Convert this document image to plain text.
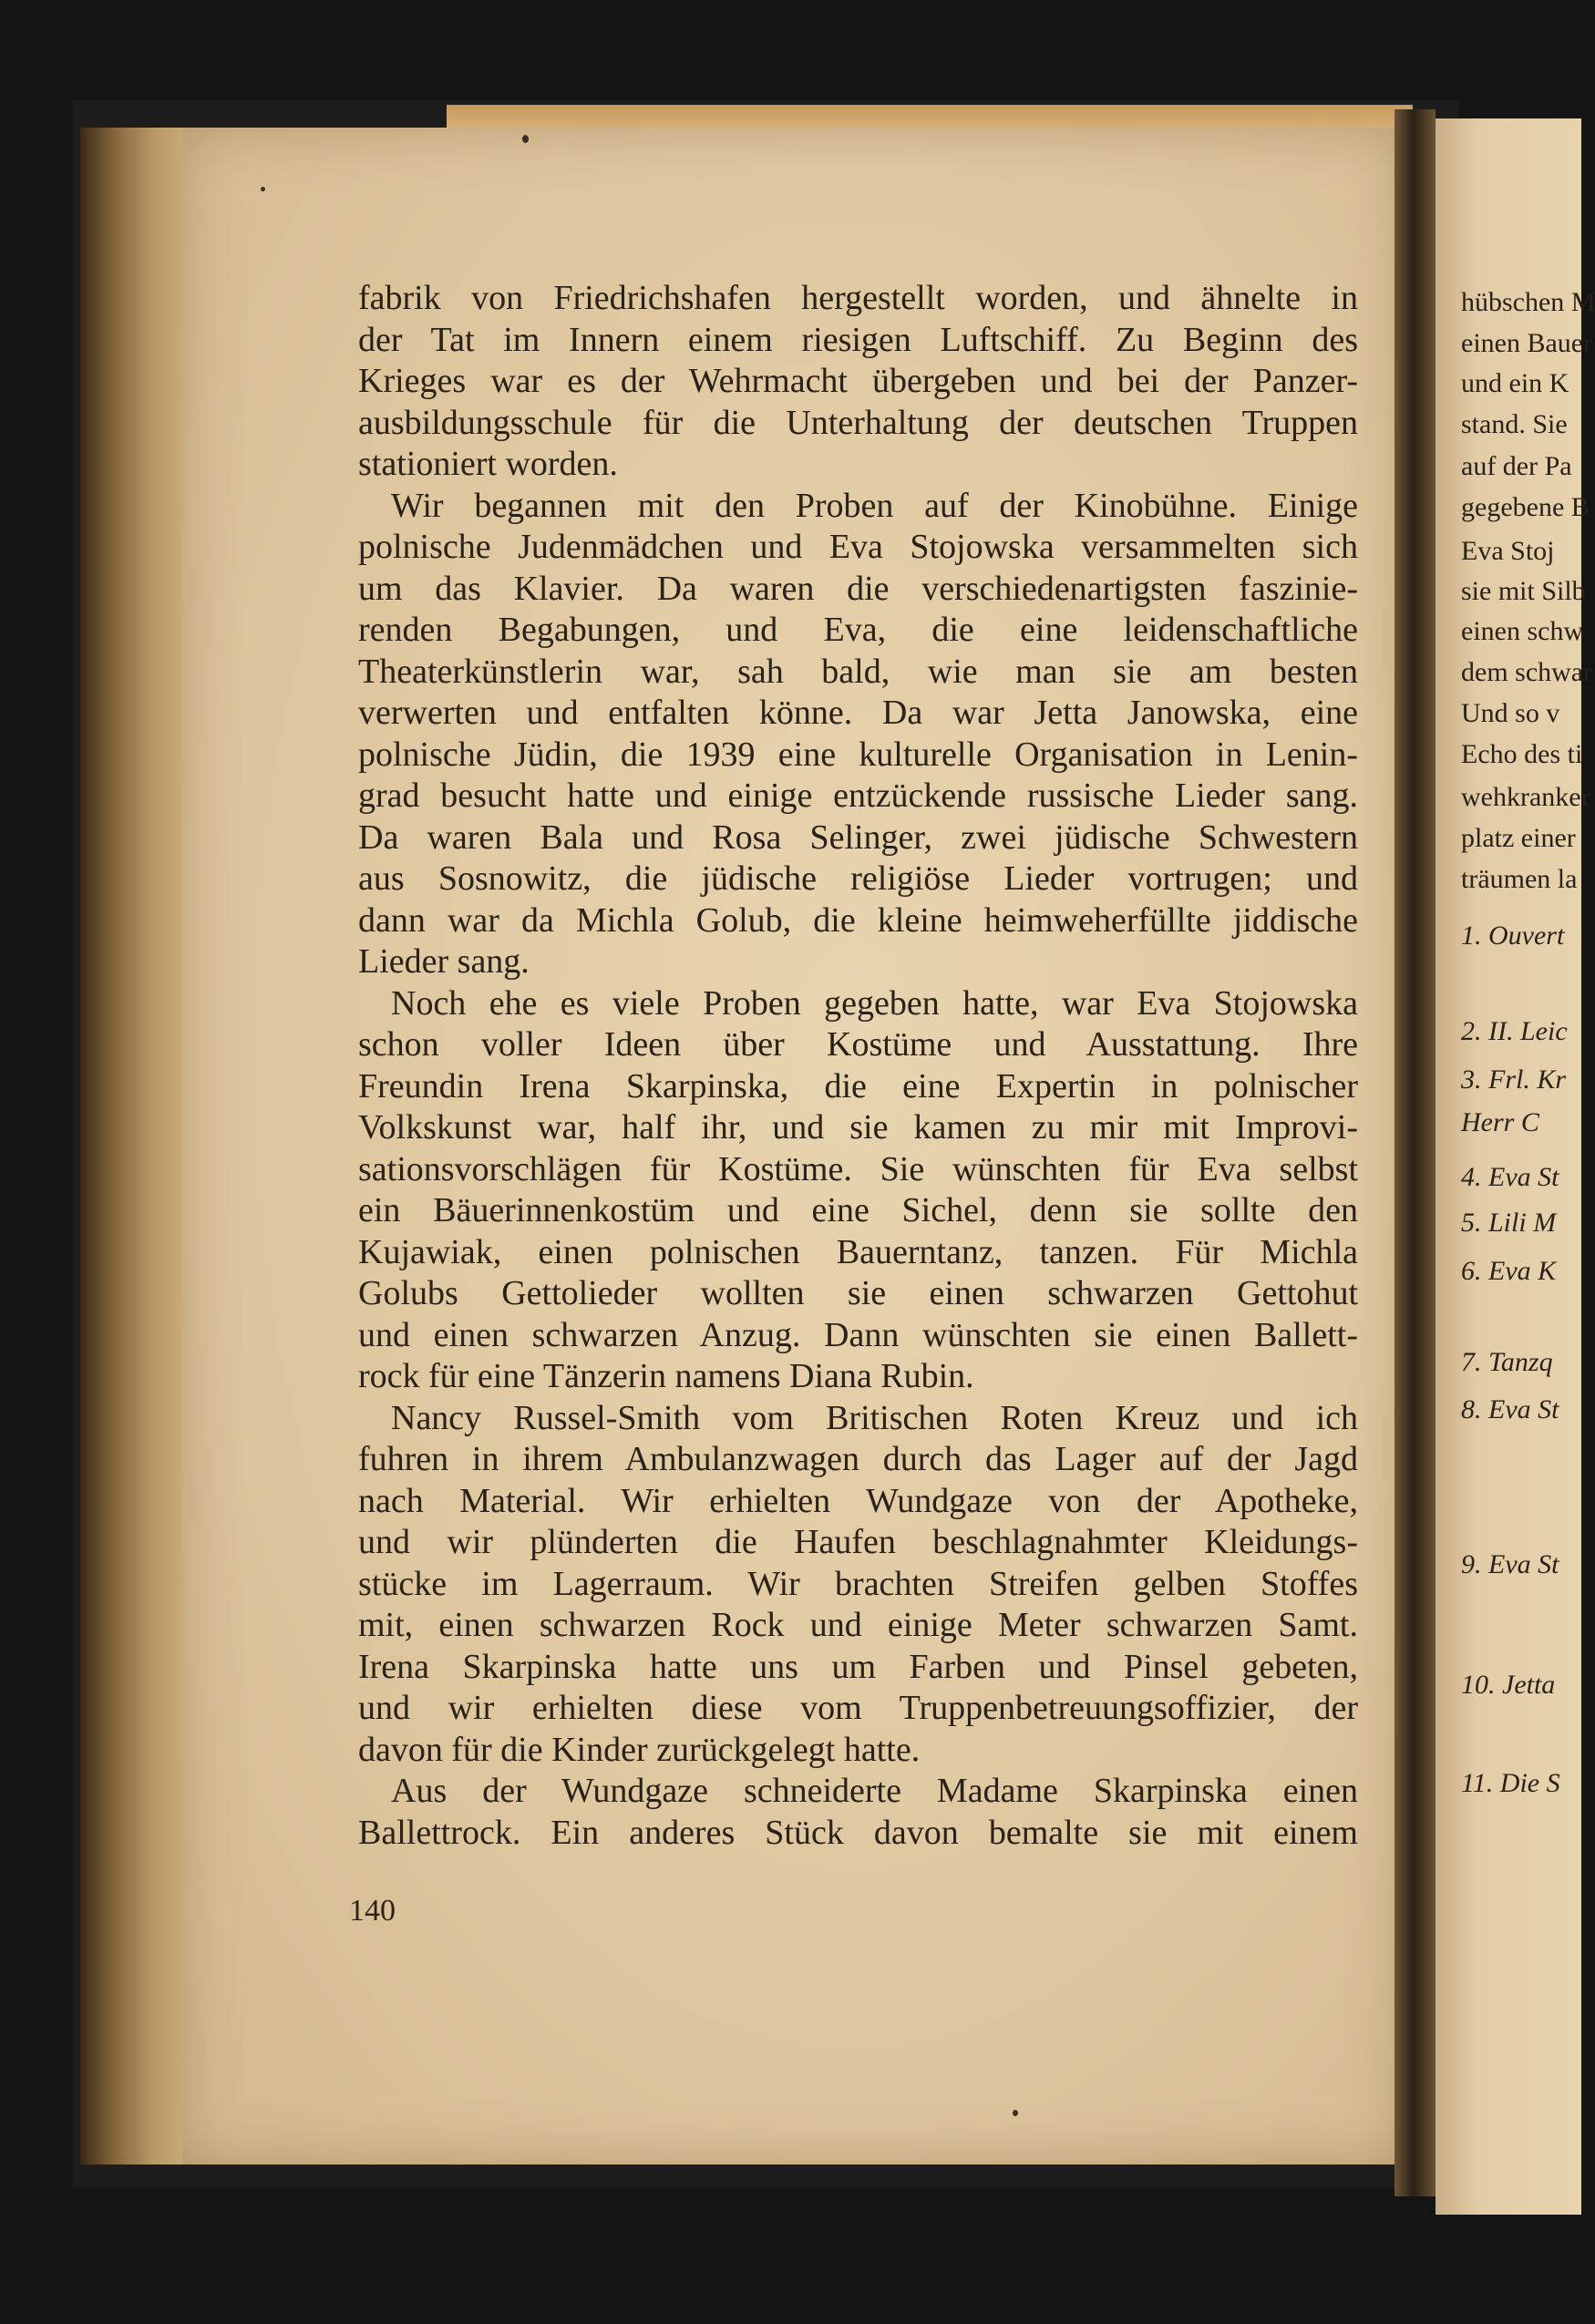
fabrik von Friedrichshafen hergestellt worden, und ähnelte in
der Tat im Innern einem riesigen Luftschiff. Zu Beginn des
Krieges war es der Wehrmacht übergeben und bei der Panzer-
ausbildungsschule für die Unterhaltung der deutschen Truppen
stationiert worden.
Wir begannen mit den Proben auf der Kinobühne. Einige
polnische Judenmädchen und Eva Stojowska versammelten sich
um das Klavier. Da waren die verschiedenartigsten faszinie-
renden Begabungen, und Eva, die eine leidenschaftliche
Theaterkünstlerin war, sah bald, wie man sie am besten
verwerten und entfalten könne. Da war Jetta Janowska, eine
polnische Jüdin, die 1939 eine kulturelle Organisation in Lenin-
grad besucht hatte und einige entzückende russische Lieder sang.
Da waren Bala und Rosa Selinger, zwei jüdische Schwestern
aus Sosnowitz, die jüdische religiöse Lieder vortrugen; und
dann war da Michla Golub, die kleine heimweherfüllte jiddische
Lieder sang.
Noch ehe es viele Proben gegeben hatte, war Eva Stojowska
schon voller Ideen über Kostüme und Ausstattung. Ihre
Freundin Irena Skarpinska, die eine Expertin in polnischer
Volkskunst war, half ihr, und sie kamen zu mir mit Improvi-
sationsvorschlägen für Kostüme. Sie wünschten für Eva selbst
ein Bäuerinnenkostüm und eine Sichel, denn sie sollte den
Kujawiak, einen polnischen Bauerntanz, tanzen. Für Michla
Golubs Gettolieder wollten sie einen schwarzen Gettohut
und einen schwarzen Anzug. Dann wünschten sie einen Ballett-
rock für eine Tänzerin namens Diana Rubin.
Nancy Russel-Smith vom Britischen Roten Kreuz und ich
fuhren in ihrem Ambulanzwagen durch das Lager auf der Jagd
nach Material. Wir erhielten Wundgaze von der Apotheke,
und wir plünderten die Haufen beschlagnahmter Kleidungs-
stücke im Lagerraum. Wir brachten Streifen gelben Stoffes
mit, einen schwarzen Rock und einige Meter schwarzen Samt.
Irena Skarpinska hatte uns um Farben und Pinsel gebeten,
und wir erhielten diese vom Truppenbetreuungsoffizier, der
davon für die Kinder zurückgelegt hatte.
Aus der Wundgaze schneiderte Madame Skarpinska einen
Ballettrock. Ein anderes Stück davon bemalte sie mit einem
140
hübschen M
einen Bauer
und ein K
stand. Sie
auf der Pa
gegebene B
Eva Stoj
sie mit Silb
einen schw
dem schwar
Und so v
Echo des ti
wehkranker
platz einer
träumen la
1. Ouvert
2. II. Leic
3. Frl. Kr
Herr C
4. Eva St
5. Lili M
6. Eva K
7. Tanzq
8. Eva St
9. Eva St
10. Jetta
11. Die S
